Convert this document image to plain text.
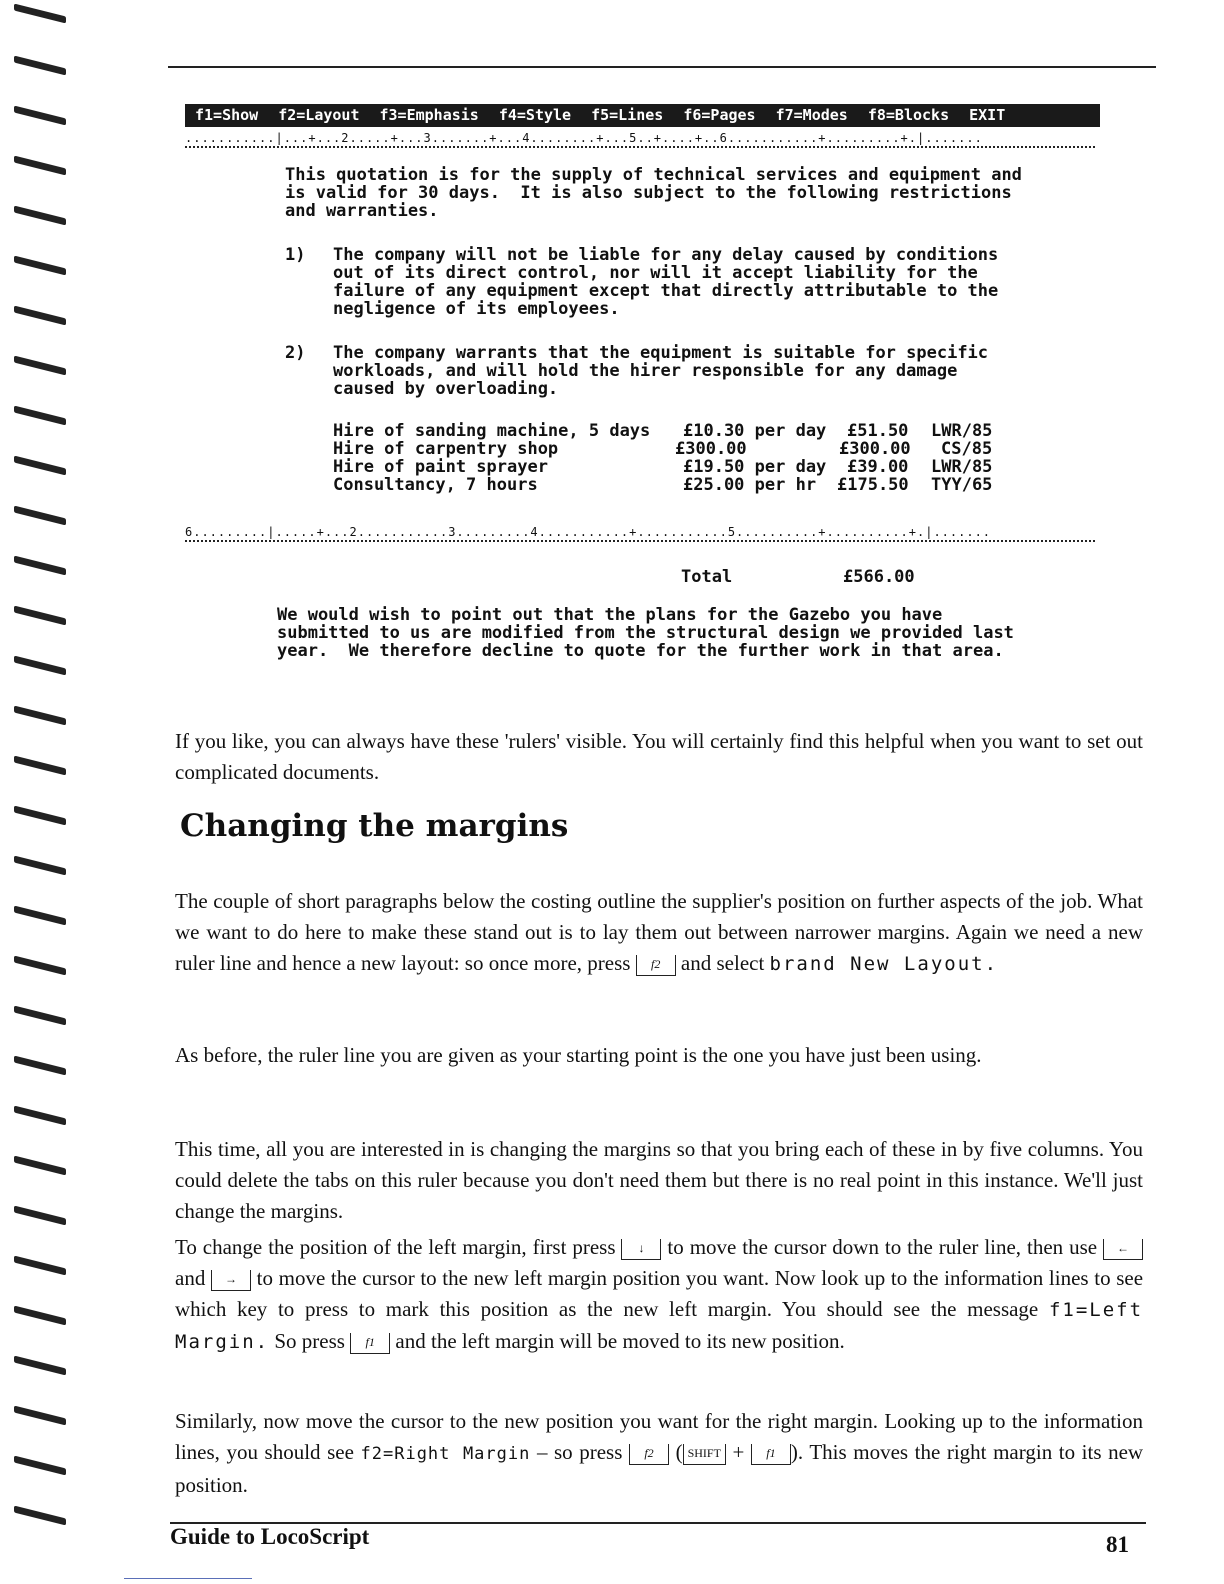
f1=Show	f2=Layout	f3=Emphasis	f4=Style	f5=Lines	f6=Pages	f7=Modes	f8=Blocks	EXIT
...........|...+...2.....+...3.......+...4........+...5..+....+..6...........+.........+.|.......
This quotation is for the supply of technical services and equipment and
is valid for 30 days.  It is also subject to the following restrictions
and warranties.
1) The company will not be liable for any delay caused by conditions
out of its direct control, nor will it accept liability for the
failure of any equipment except that directly attributable to the
negligence of its employees.
2) The company warrants that the equipment is suitable for specific
workloads, and will hold the hirer responsible for any damage
caused by overloading.
Hire of sanding machine, 5 days £10.30 per day £51.50 LWR/85
Hire of carpentry shop	£300.00	£300.00 CS/85
Hire of paint sprayer	£19.50 per day £39.00 LWR/85
Consultancy, 7 hours	£25.00 per hr £175.50 TYY/65
6.........|.....+...2...........3.........4...........+...........5..........+..........+.|.......
Total	£566.00
We would wish to point out that the plans for the Gazebo you have
submitted to us are modified from the structural design we provided last
year.  We therefore decline to quote for the further work in that area.
If you like, you can always have these 'rulers' visible. You will certainly find this helpful when you want to set out complicated documents.
Changing the margins
The couple of short paragraphs below the costing outline the supplier's position on further aspects of the job. What we want to do here to make these stand out is to lay them out between narrower margins. Again we need a new ruler line and hence a new layout: so once more, press f2 and select brand New Layout.
As before, the ruler line you are given as your starting point is the one you have just been using.
This time, all you are interested in is changing the margins so that you bring each of these in by five columns. You could delete the tabs on this ruler because you don't need them but there is no real point in this instance. We'll just change the margins.
To change the position of the left margin, first press ↓ to move the cursor down to the ruler line, then use ← and → to move the cursor to the new left margin position you want. Now look up to the information lines to see which key to press to mark this position as the new left margin. You should see the message f1=Left Margin. So press f1 and the left margin will be moved to its new position.
Similarly, now move the cursor to the new position you want for the right margin. Looking up to the information lines, you should see f2=Right Margin – so press f2 ( SHIFT + f1 ). This moves the right margin to its new position.
Guide to LocoScript	81
